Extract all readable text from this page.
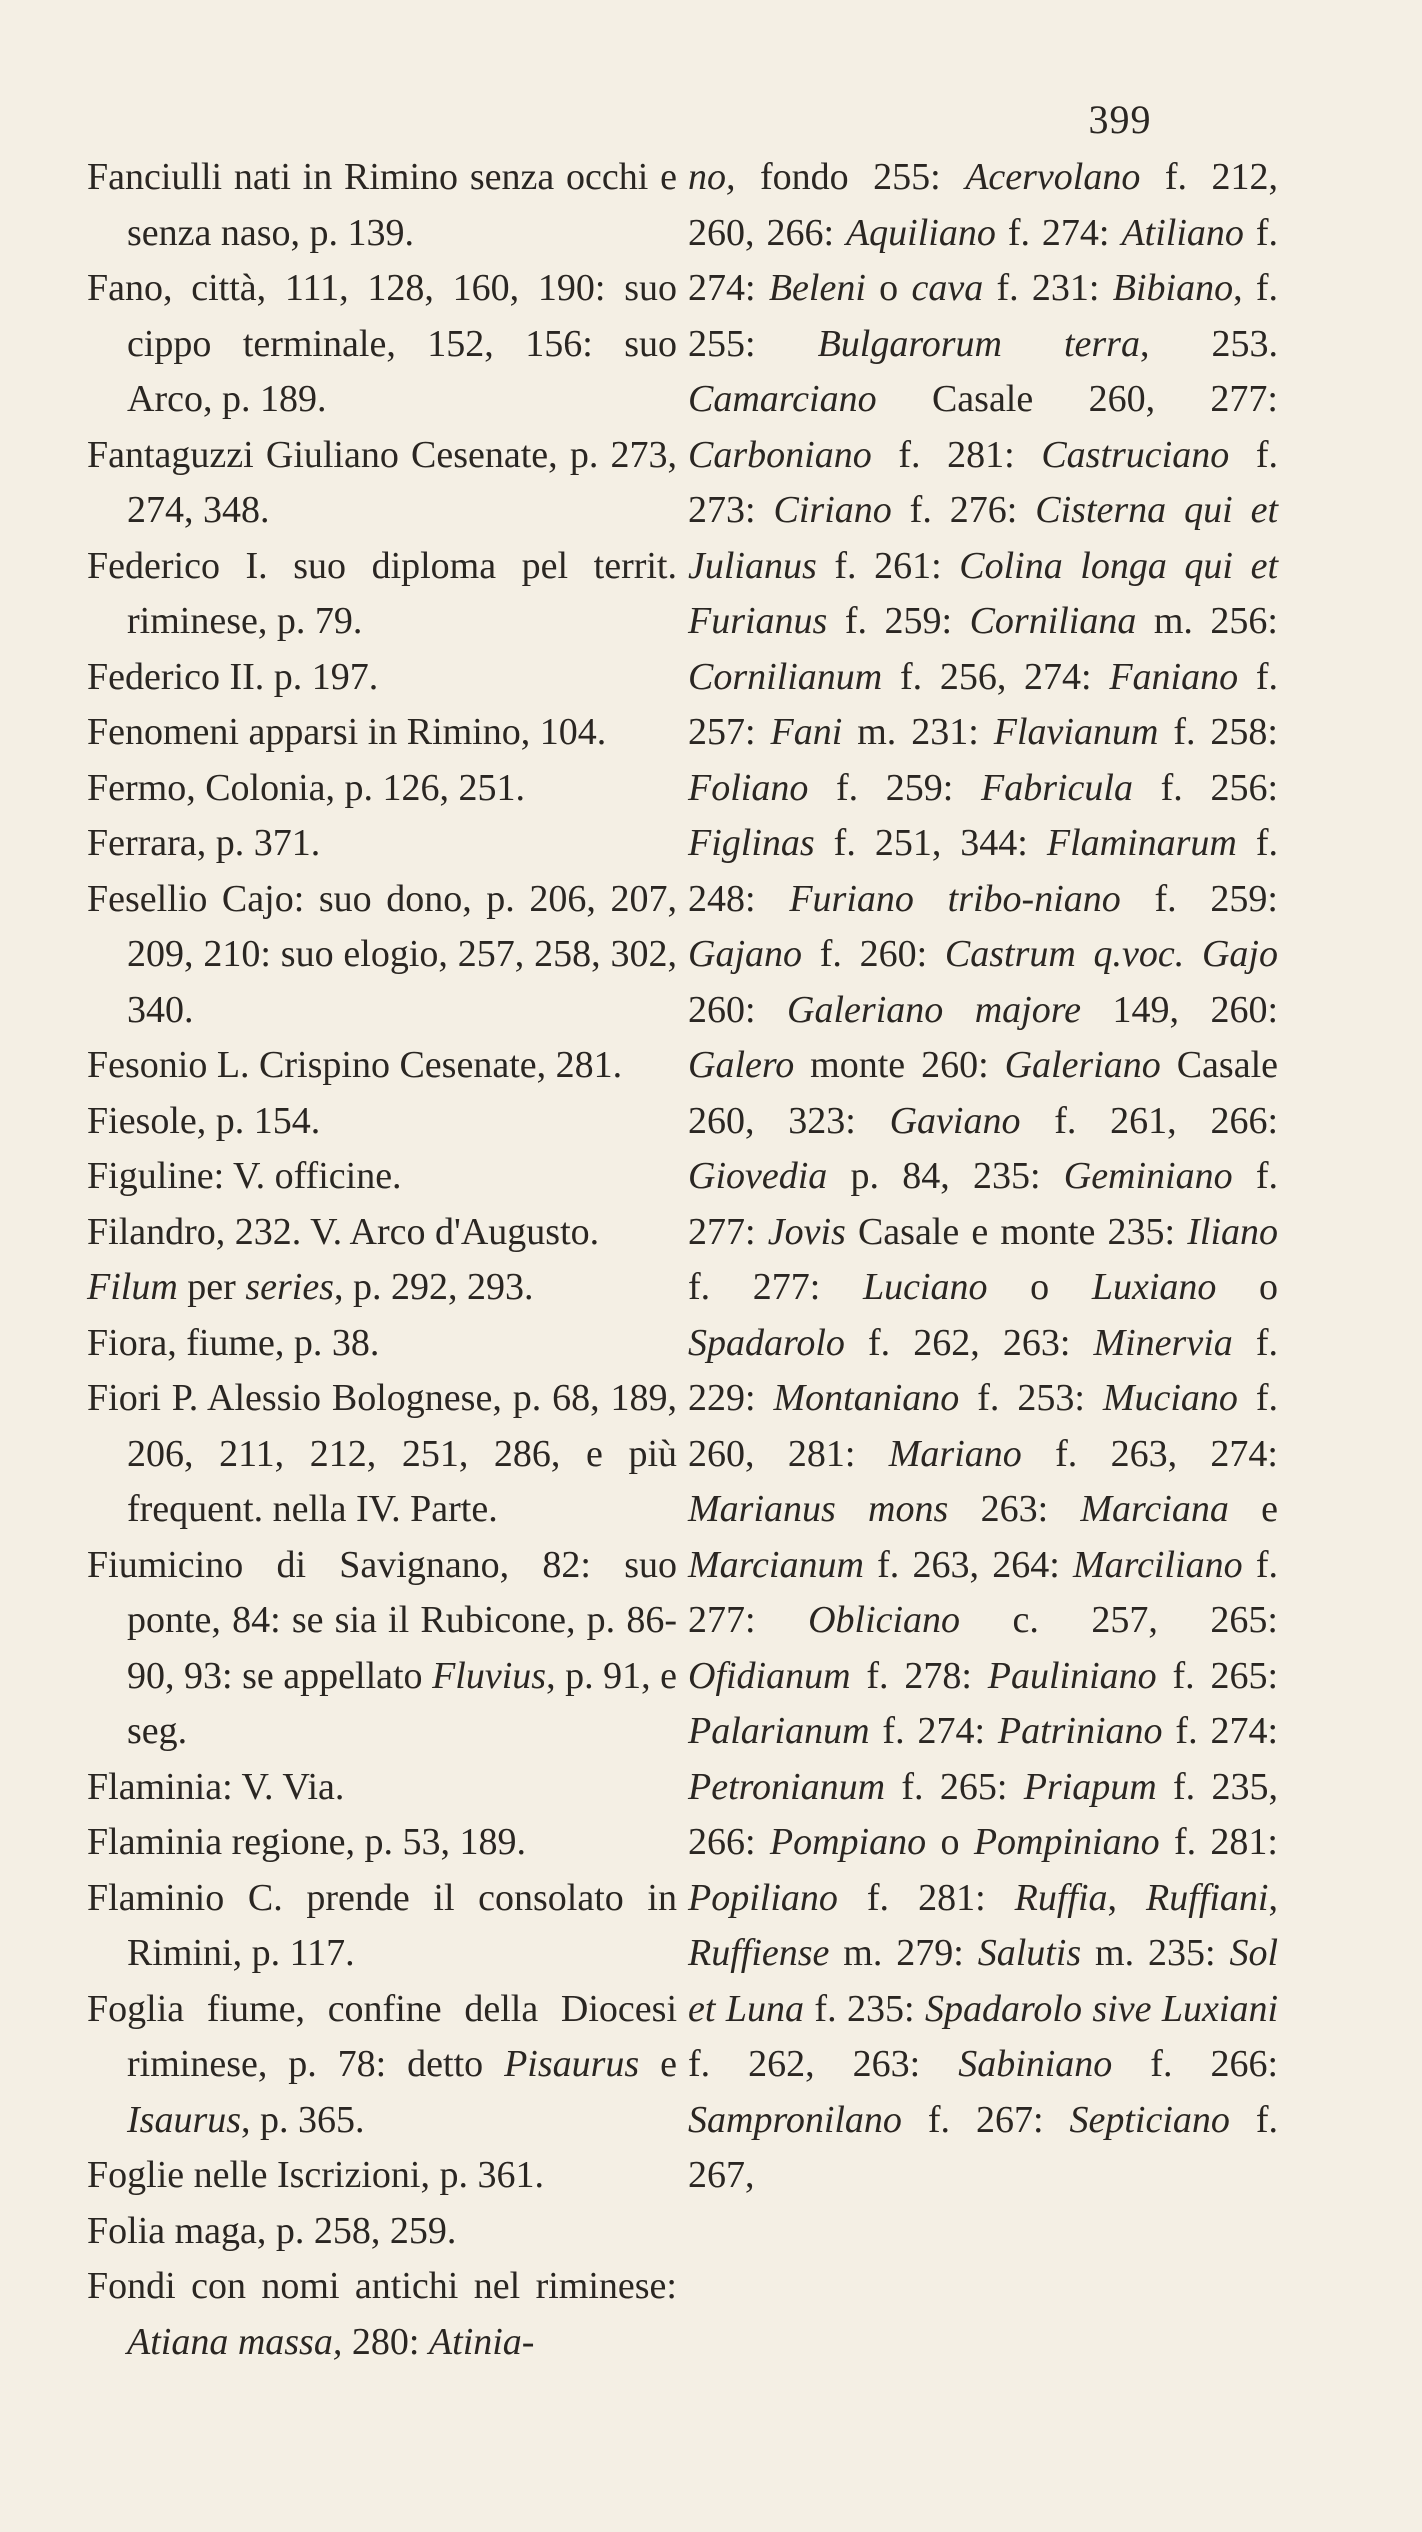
399

Fanciulli nati in Rimino senza occhi e senza naso, p. 139.

Fano, città, 111, 128, 160, 190: suo cippo terminale, 152, 156: suo Arco, p. 189.

Fantaguzzi Giuliano Cesenate, p. 273, 274, 348.

Federico I. suo diploma pel territ. riminese, p. 79.

Federico II. p. 197.

Fenomeni apparsi in Rimino, 104.

Fermo, Colonia, p. 126, 251.

Ferrara, p. 371.

Fesellio Cajo: suo dono, p. 206, 207, 209, 210: suo elogio, 257, 258, 302, 340.

Fesonio L. Crispino Cesenate, 281.

Fiesole, p. 154.

Figuline: V. officine.

Filandro, 232. V. Arco d'Augusto.

Filum per series, p. 292, 293.

Fiora, fiume, p. 38.

Fiori P. Alessio Bolognese, p. 68, 189, 206, 211, 212, 251, 286, e più frequent. nella IV. Parte.

Fiumicino di Savignano, 82: suo ponte, 84: se sia il Rubicone, p. 86-90, 93: se appellato Fluvius, p. 91, e seg.

Flaminia: V. Via.

Flaminia regione, p. 53, 189.

Flaminio C. prende il consolato in Rimini, p. 117.

Foglia fiume, confine della Diocesi riminese, p. 78: detto Pisaurus e Isaurus, p. 365.

Foglie nelle Iscrizioni, p. 361.

Folia maga, p. 258, 259.

Fondi con nomi antichi nel riminese: Atiana massa, 280: Atinia-

no, fondo 255: Acervolano f. 212, 260, 266: Aquiliano f. 274: Atiliano f. 274: Beleni o cava f. 231: Bibiano, f. 255: Bulgarorum terra, 253. Camarciano Casale 260, 277: Carboniano f. 281: Castruciano f. 273: Ciriano f. 276: Cisterna qui et Julianus f. 261: Colina longa qui et Furianus f. 259: Corniliana m. 256: Cornilianum f. 256, 274: Faniano f. 257: Fani m. 231: Flavianum f. 258: Foliano f. 259: Fabricula f. 256: Figlinas f. 251, 344: Flaminarum f. 248: Furiano tribo-niano f. 259: Gajano f. 260: Castrum q.voc. Gajo 260: Galeriano majore 149, 260: Galero monte 260: Galeriano Casale 260, 323: Gaviano f. 261, 266: Giovedia p. 84, 235: Geminiano f. 277: Jovis Casale e monte 235: Iliano f. 277: Luciano o Luxiano o Spadarolo f. 262, 263: Minervia f. 229: Montaniano f. 253: Muciano f. 260, 281: Mariano f. 263, 274: Marianus mons 263: Marciana e Marcianum f. 263, 264: Marciliano f. 277: Obliciano c. 257, 265: Ofidianum f. 278: Pauliniano f. 265: Palarianum f. 274: Patriniano f. 274: Petronianum f. 265: Priapum f. 235, 266: Pompiano o Pompiniano f. 281: Popiliano f. 281: Ruffia, Ruffiani, Ruffiense m. 279: Salutis m. 235: Sol et Luna f. 235: Spadarolo sive Luxiani f. 262, 263: Sabiniano f. 266: Sampronilano f. 267: Septiciano f. 267,
